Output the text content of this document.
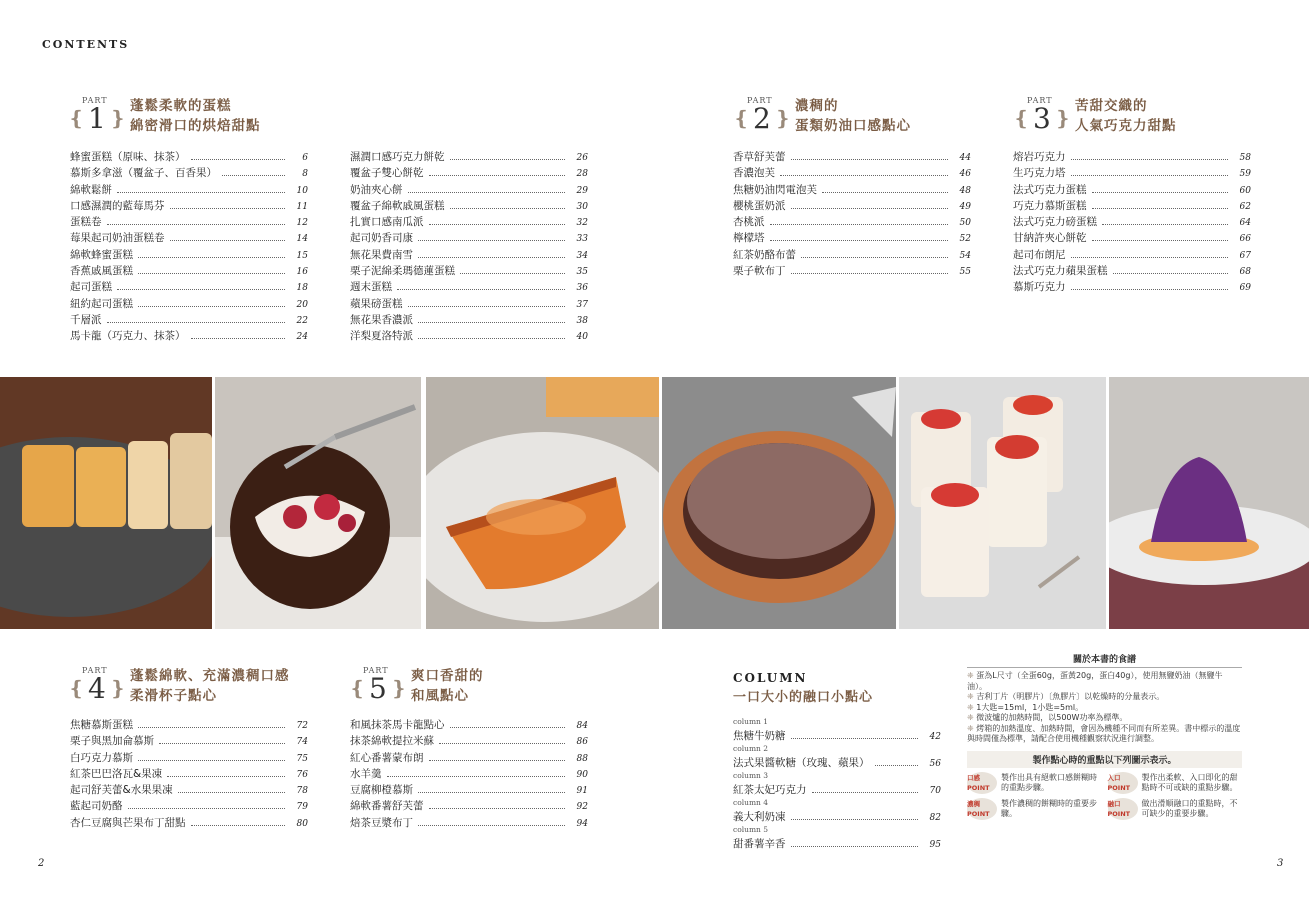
CONTENTS
❴
PART
1 ❵ 蓬鬆柔軟的蛋糕
綿密滑口的烘焙甜點	❴
PART
2 ❵ 濃稠的
蛋類奶油口感點心	❴
PART
3 ❵ 苦甜交織的
人氣巧克力甜點
❴
PART
4 ❵ 蓬鬆綿軟、充滿濃稠口感
柔滑杯子點心	❴
PART
5 ❵ 爽口香甜的
和風點心
蜂蜜蛋糕（原味、抹茶）	6
慕斯多拿滋（覆盆子、百香果）	8
綿軟鬆餅	10
口感濕潤的藍莓馬芬	11
蛋糕卷	12
莓果起司奶油蛋糕卷	14
綿軟蜂蜜蛋糕	15
香蕉戚風蛋糕	16
起司蛋糕	18
紐約起司蛋糕	20
千層派	22
馬卡龍（巧克力、抹茶）	24
濕潤口感巧克力餅乾	26
覆盆子雙心餅乾	28
奶油夾心餅	29
覆盆子綿軟戚風蛋糕	30
扎實口感南瓜派	32
起司奶香司康	33
無花果費南雪	34
栗子泥綿柔瑪德蓮蛋糕	35
週末蛋糕	36
蘋果磅蛋糕	37
無花果香濃派	38
洋梨夏洛特派	40
香草舒芙蕾	44
香濃泡芙	46
焦糖奶油閃電泡芙	48
櫻桃蛋奶派	49
杏桃派	50
檸檬塔	52
紅茶奶酪布蕾	54
栗子軟布丁	55
熔岩巧克力	58
生巧克力塔	59
法式巧克力蛋糕	60
巧克力慕斯蛋糕	62
法式巧克力磅蛋糕	64
甘納許夾心餅乾	66
起司布朗尼	67
法式巧克力蘋果蛋糕	68
慕斯巧克力	69
焦糖慕斯蛋糕	72
栗子與黑加侖慕斯	74
白巧克力慕斯	75
紅茶巴巴洛瓦&果凍	76
起司舒芙蕾&水果果凍	78
藍起司奶酪	79
杏仁豆腐與芒果布丁甜點	80
和風抹茶馬卡龍點心	84
抹茶綿軟提拉米蘇	86
紅心番薯蒙布朗	88
水羊羹	90
豆腐柳橙慕斯	91
綿軟番薯舒芙蕾	92
焙茶豆漿布丁	94
COLUMN
一口大小的融口小點心
column 1
焦糖牛奶糖	42
column 2
法式果醬軟糖（玫瑰、蘋果）	56
column 3
紅茶太妃巧克力	70
column 4
義大利奶凍	82
column 5
甜番薯辛香	95
關於本書的食譜
❈ 蛋為L尺寸（全蛋60g，蛋黃20g，蛋白40g），使用無鹽奶油（無鹽牛油）。
❈ 吉利丁片（明膠片）〔魚膠片〕以乾燥時的分量表示。
❈ 1大匙=15ml，1小匙=5ml。
❈ 微波爐的加熱時間，以500W功率為標準。
❈ 烤箱的加熱溫度、加熱時間，會因為機種不同而有所差異。書中標示的溫度與時間僅為標準，請配合使用機種觀察狀況進行調整。
製作點心時的重點以下列圖示表示。
口感POINT
製作出具有絕軟口感餅糊時的重點步驟。
入口POINT
製作出柔軟、入口即化的甜點時不可或缺的重點步驟。
濃稠POINT
製作濃稠的餅糊時的重要步驟。
融口POINT
做出滑順融口的重點時，不可缺少的重要步驟。
2	3
